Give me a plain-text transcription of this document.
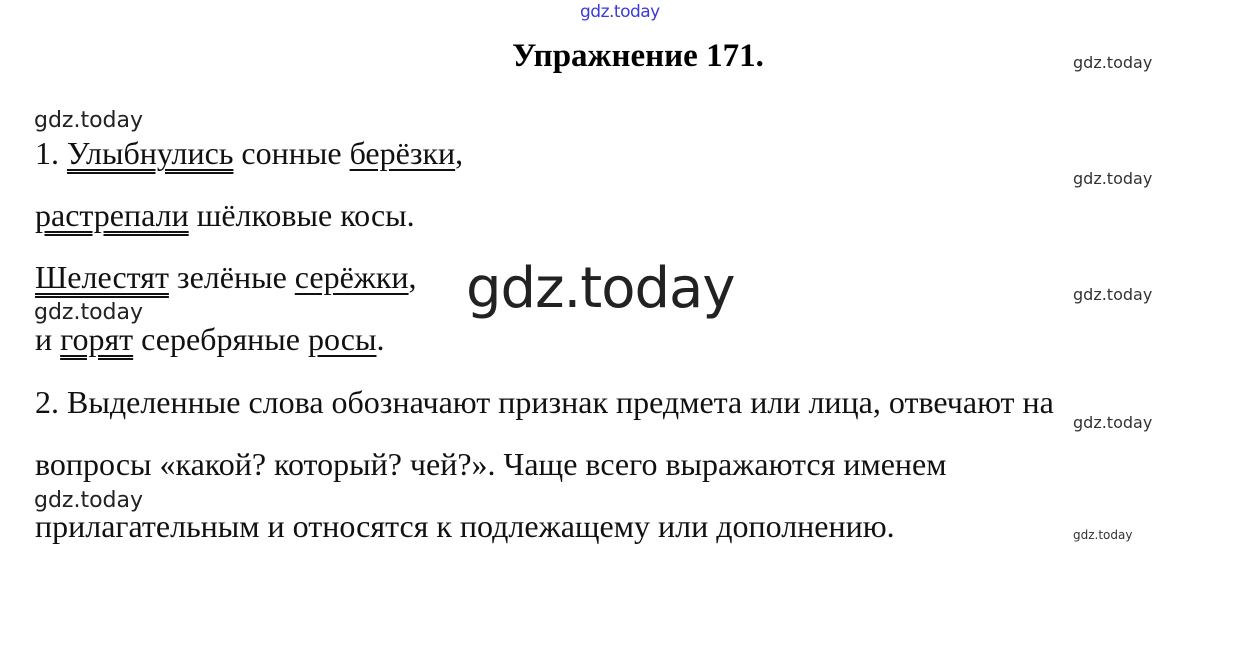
gdz.today
gdz.today
gdz.today
gdz.today
gdz.today
gdz.today
gdz.today
gdz.today
gdz.today
gdz.today
Упражнение 171.
1. Улыбнулись сонные берёзки,
растрепали шёлковые косы.
Шелестят зелёные серёжки,
и горят серебряные росы.
2. Выделенные слова обозначают признак предмета или лица, отвечают на
вопросы «какой? который? чей?». Чаще всего выражаются именем
прилагательным и относятся к подлежащему или дополнению.
